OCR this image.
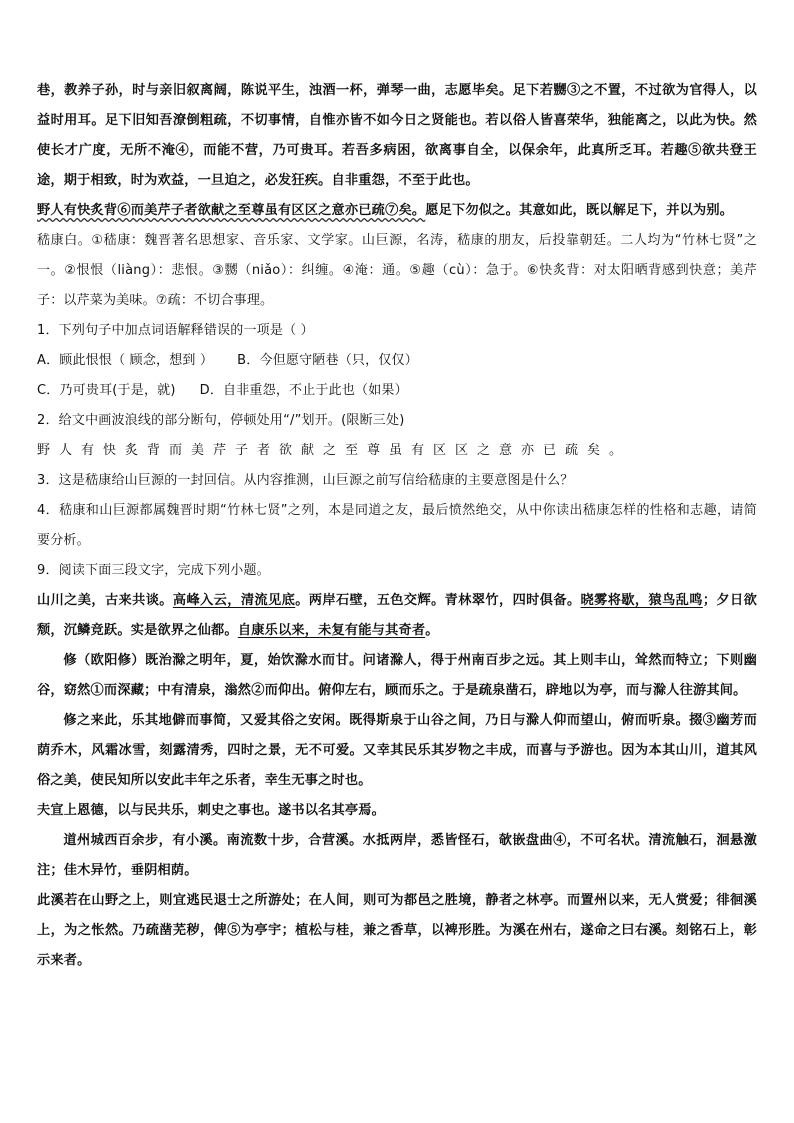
巷，教养子孙，时与亲旧叙离阔，陈说平生，浊酒一杯，弹琴一曲，志愿毕矣。足下若嬲③之不置，不过欲为官得人，以益时用耳。足下旧知吾潦倒粗疏，不切事情，自惟亦皆不如今日之贤能也。若以俗人皆喜荣华，独能离之，以此为快。然使长才广度，无所不淹④，而能不营，乃可贵耳。若吾多病困，欲离事自全，以保余年，此真所乏耳。若趣⑤欲共登王途，期于相致，时为欢益，一旦迫之，必发狂疾。自非重怨，不至于此也。

野人有快炙背⑥而美芹子者欲献之至尊虽有区区之意亦已疏⑦矣。愿足下勿似之。其意如此，既以解足下，并以为别。

嵇康白。①嵇康：魏晋著名思想家、音乐家、文学家。山巨源，名涛，嵇康的朋友，后投靠朝廷。二人均为“竹林七贤”之一。②恨恨（liàng）：悲恨。③嬲（niǎo）：纠缠。④淹：通。⑤趣（cù）：急于。⑥快炙背：对太阳晒背感到快意；美芹子：以芹菜为美味。⑦疏：不切合事理。

1．下列句子中加点词语解释错误的一项是（ ）

A．顾此恨恨（ 顾念，想到 ） B．今但愿守陋巷（只，仅仅）
C．乃可贵耳(于是，就) D．自非重怨，不止于此也（如果）

2．给文中画波浪线的部分断句，停顿处用“/”划开。(限断三处)

野人有快炙背而美芹子者欲献之至尊虽有区区之意亦已疏矣。

3．这是嵇康给山巨源的一封回信。从内容推测，山巨源之前写信给嵇康的主要意图是什么？

4．嵇康和山巨源都属魏晋时期“竹林七贤”之列，本是同道之友，最后愤然绝交，从中你读出嵇康怎样的性格和志趣，请简要分析。

9．阅读下面三段文字，完成下列小题。

山川之美，古来共谈。高峰入云，清流见底。两岸石壁，五色交辉。青林翠竹，四时俱备。晓雾将歇，猿鸟乱鸣；夕日欲颓，沉鳞竞跃。实是欲界之仙都。自康乐以来，未复有能与其奇者。

修（欧阳修）既治滁之明年，夏，始饮滁水而甘。问诸滁人，得于州南百步之远。其上则丰山，耸然而特立；下则幽谷，窈然①而深藏；中有清泉，滃然②而仰出。俯仰左右，顾而乐之。于是疏泉凿石，辟地以为亭，而与滁人往游其间。

修之来此，乐其地僻而事简，又爱其俗之安闲。既得斯泉于山谷之间，乃日与滁人仰而望山，俯而听泉。掇③幽芳而荫乔木，风霜冰雪，刻露清秀，四时之景，无不可爱。又幸其民乐其岁物之丰成，而喜与予游也。因为本其山川，道其风俗之美，使民知所以安此丰年之乐者，幸生无事之时也。

夫宣上恩德，以与民共乐，刺史之事也。遂书以名其亭焉。

道州城西百余步，有小溪。南流数十步，合营溪。水抵两岸，悉皆怪石，欹嵌盘曲④，不可名状。清流触石，洄悬激注；佳木异竹，垂阴相荫。

此溪若在山野之上，则宜逃民退士之所游处；在人间，则可为都邑之胜境，静者之林亭。而置州以来，无人赏爱；徘徊溪上，为之怅然。乃疏凿芜秽，俾⑤为亭宇；植松与桂，兼之香草，以裨形胜。为溪在州右，遂命之曰右溪。刻铭石上，彰示来者。
